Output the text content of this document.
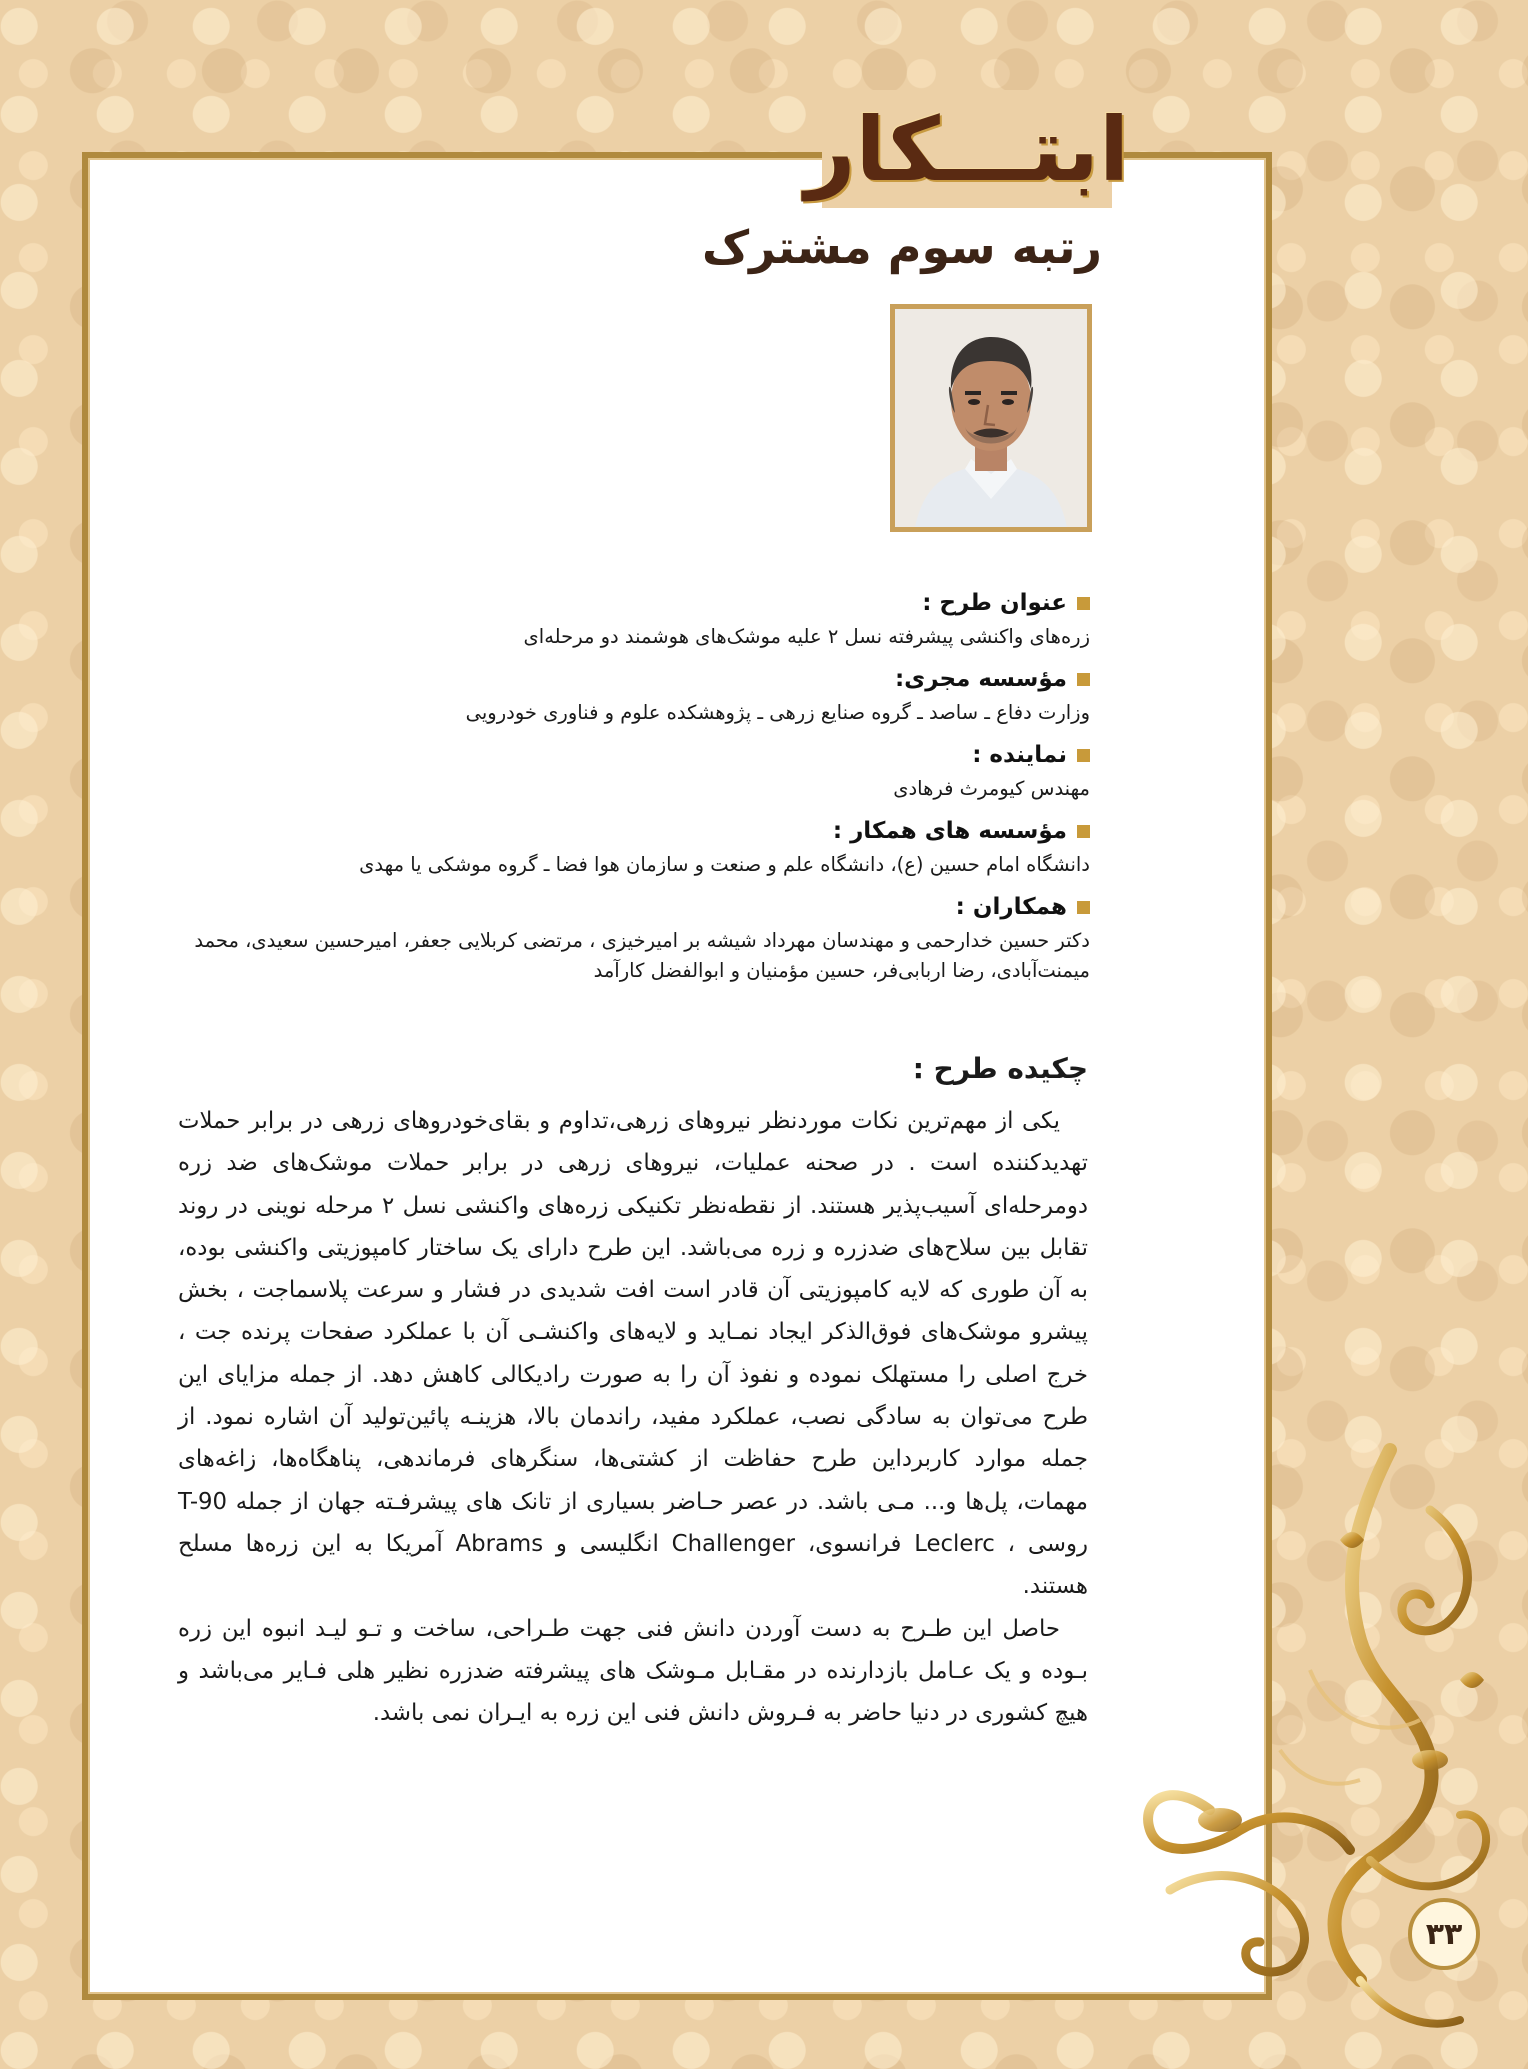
ابتـــکار
رتبه سوم مشترک
عنوان طرح :
زره‌های واکنشی پیشرفته نسل ۲ علیه موشک‌های هوشمند دو مرحله‌ای
مؤسسه مجری:
وزارت دفاع ـ ساصد ـ گروه صنایع زرهی ـ پژوهشکده علوم و فناوری خودرویی
نماینده :
مهندس کیومرث فرهادی
مؤسسه های همکار :
دانشگاه امام حسین (ع)، دانشگاه علم و صنعت و سازمان هوا فضا ـ گروه موشکی یا مهدی
همکاران :
دکتر حسین خدارحمی و مهندسان مهرداد شیشه بر امیرخیزی ، مرتضی کربلایی جعفر، امیرحسین سعیدی، محمد میمنت‌آبادی، رضا اربابی‌فر، حسین مؤمنیان و ابوالفضل کارآمد
چکیده طرح :

یکی از مهم‌ترین نکات موردنظر نیروهای زرهی،تداوم و بقای‌خودروهای زرهی در برابر حملات تهدیدکننده است . در صحنه عملیات، نیروهای زرهی در برابر حملات موشک‌های ضد زره دومرحله‌ای آسیب‌پذیر هستند. از نقطه‌نظر تکنیکی زره‌های واکنشی نسل ۲ مرحله نوینی در روند تقابل بین سلاح‌های ضدزره و زره می‌باشد. این طرح دارای یک ساختار کامپوزیتی واکنشی بوده، به آن طوری که لایه کامپوزیتی آن قادر است افت شدیدی در فشار و سرعت پلاسماجت ، بخش پیشرو موشک‌های فوق‌الذکر ایجاد نمـاید و لایه‌های واکنشـی آن با عملکرد صفحات پرنده جت ، خرج اصلی را مستهلک نموده و نفوذ آن را به صورت رادیکالی کاهش دهد. از جمله مزایای این طرح می‌توان به سادگی نصب، عملکرد مفید، راندمان بالا، هزینـه پائین‌تولید آن اشاره نمود. از جمله موارد کاربرداین طرح حفاظت از کشتی‌ها، سنگرهای فرماندهی، پناهگاه‌ها، زاغه‌های مهمات، پل‌ها و... مـی باشد. در عصر حـاضر بسیاری از تانک های پیشرفـته جهان از جمله T-90 روسی ، Leclerc فرانسوی، Challenger انگلیسی و Abrams آمریکا به این زره‌ها مسلح هستند.

حاصل این طـرح به دست آوردن دانش فنی جهت طـراحی، ساخت و تـو لیـد انبوه این زره بـوده و یک عـامل بازدارنده در مقـابل مـوشک های پیشرفته ضدزره نظیر هلی فـایر می‌باشد و هیچ کشوری در دنیا حاضر به فـروش دانش فنی این زره به ایـران نمی باشد.

۳۳
